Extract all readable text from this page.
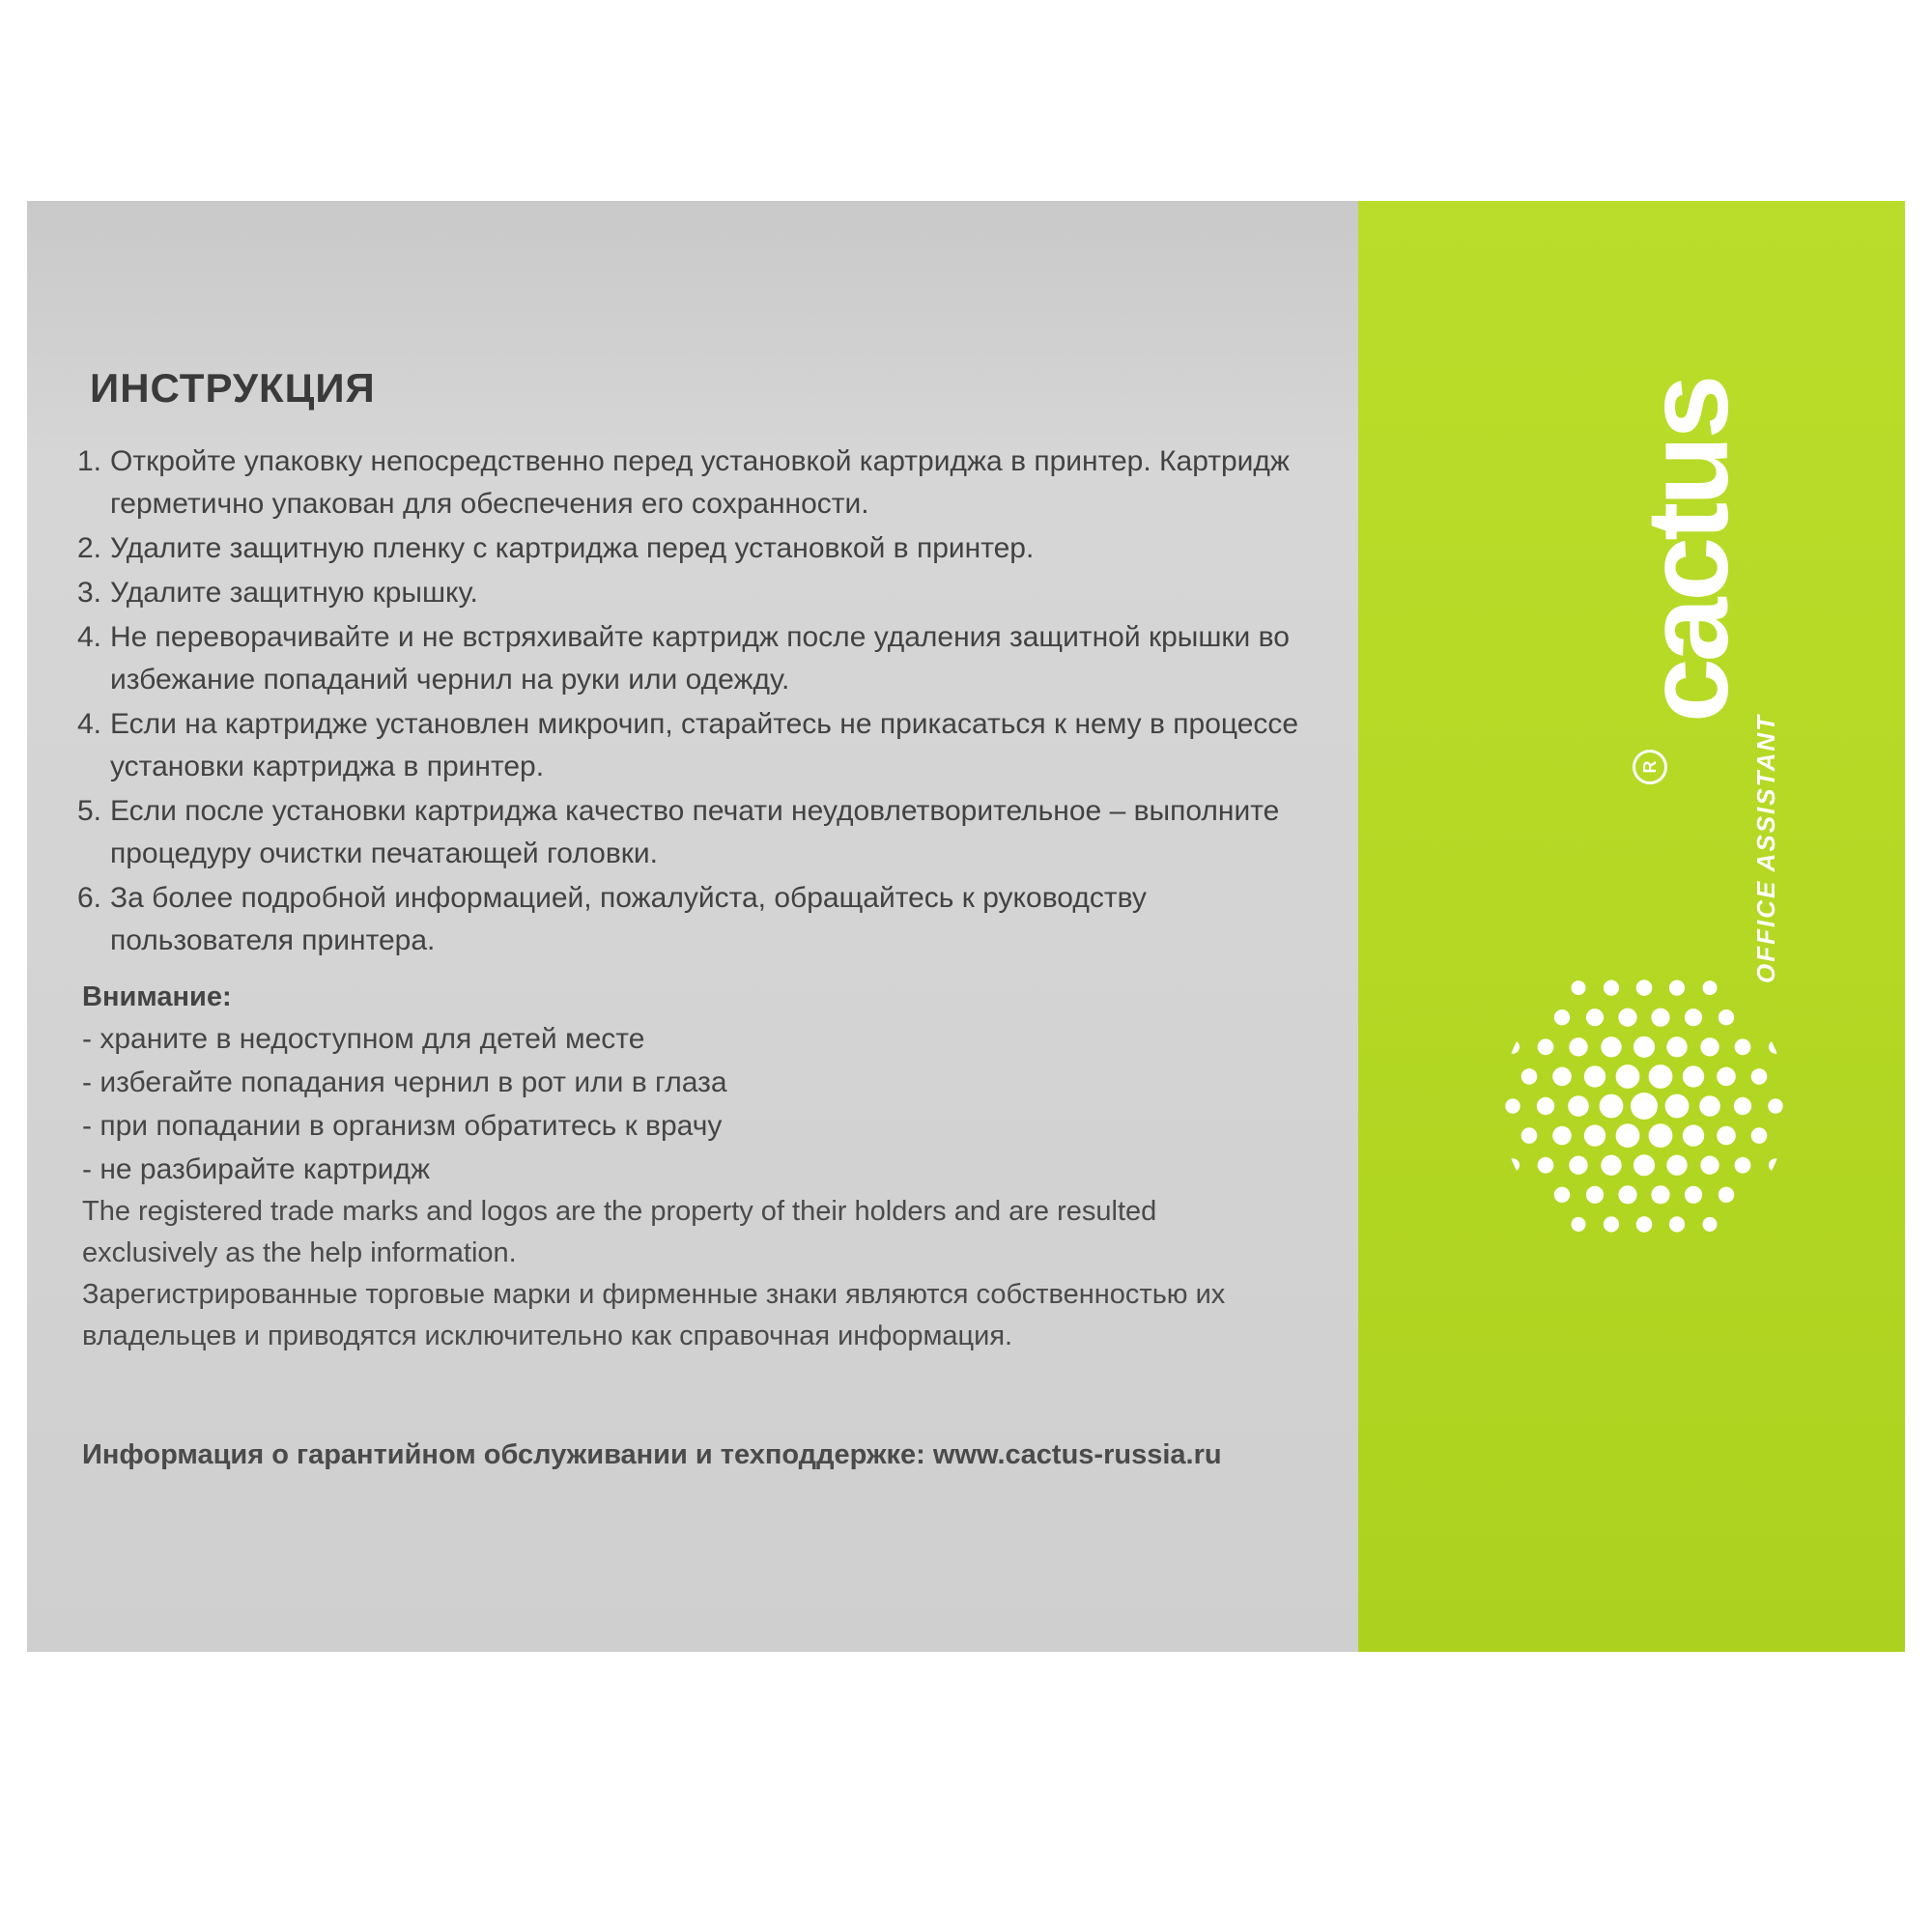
ИНСТРУКЦИЯ
1. Откройте упаковку непосредственно перед установкой картриджа в принтер. Картридж герметично упакован для обеспечения его сохранности.
2. Удалите защитную пленку с картриджа перед установкой в принтер.
3. Удалите защитную крышку.
4. Не переворачивайте и не встряхивайте картридж после удаления защитной крышки во избежание попаданий чернил на руки или одежду.
4. Если на картридже установлен микрочип, старайтесь не прикасаться к нему в процессе установки картриджа в принтер.
5. Если после установки картриджа качество печати неудовлетворительное – выполните процедуру очистки печатающей головки.
6. За более подробной информацией, пожалуйста, обращайтесь к руководству пользователя принтера.
Внимание:
- храните в недоступном для детей месте
- избегайте попадания чернил в рот или в глаза
- при попадании в организм обратитесь к врачу
- не разбирайте картридж

The registered trade marks and logos are the property of their holders and are resulted exclusively as the help information.

Зарегистрированные торговые марки и фирменные знаки являются собственностью их владельцев и приводятся исключительно как справочная информация.

Информация о гарантийном обслуживании и техподдержке: www.cactus-russia.ru
cactus
R	OFFICE ASSISTANT
